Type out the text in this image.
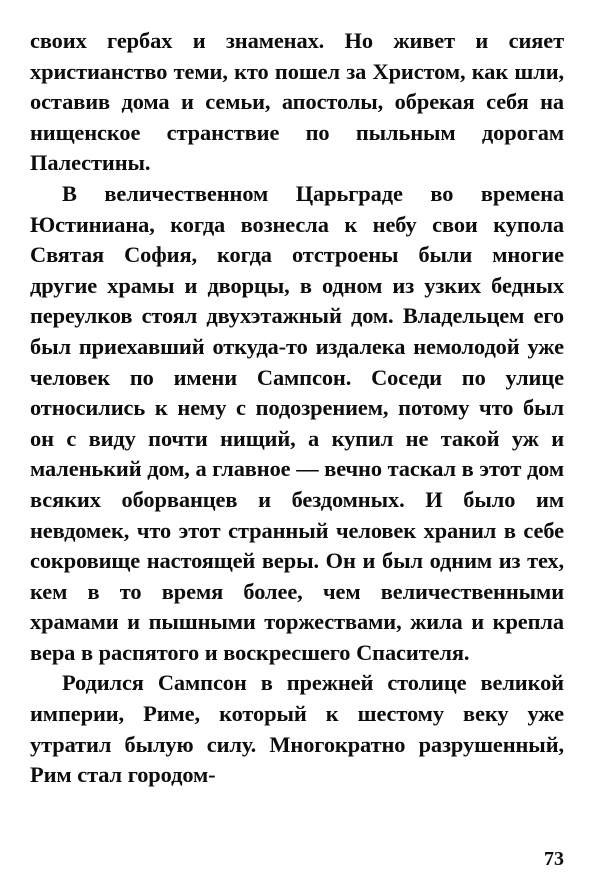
своих гербах и знаменах. Но живет и сияет христианство теми, кто пошел за Христом, как шли, оставив дома и семьи, апостолы, обрекая себя на нищенское странствие по пыльным дорогам Палестины.

В величественном Царьграде во времена Юстиниана, когда вознесла к небу свои купола Святая София, когда отстроены были многие другие храмы и дворцы, в одном из узких бедных переулков стоял двухэтажный дом. Владельцем его был приехавший откуда-то издалека немолодой уже человек по имени Сампсон. Соседи по улице относились к нему с подозрением, потому что был он с виду почти нищий, а купил не такой уж и маленький дом, а главное — вечно таскал в этот дом всяких оборванцев и бездомных. И было им невдомек, что этот странный человек хранил в себе сокровище настоящей веры. Он и был одним из тех, кем в то время более, чем величественными храмами и пышными торжествами, жила и крепла вера в распятого и воскресшего Спасителя.

Родился Сампсон в прежней столице великой империи, Риме, который к шестому веку уже утратил былую силу. Многократно разрушенный, Рим стал городом-

73
